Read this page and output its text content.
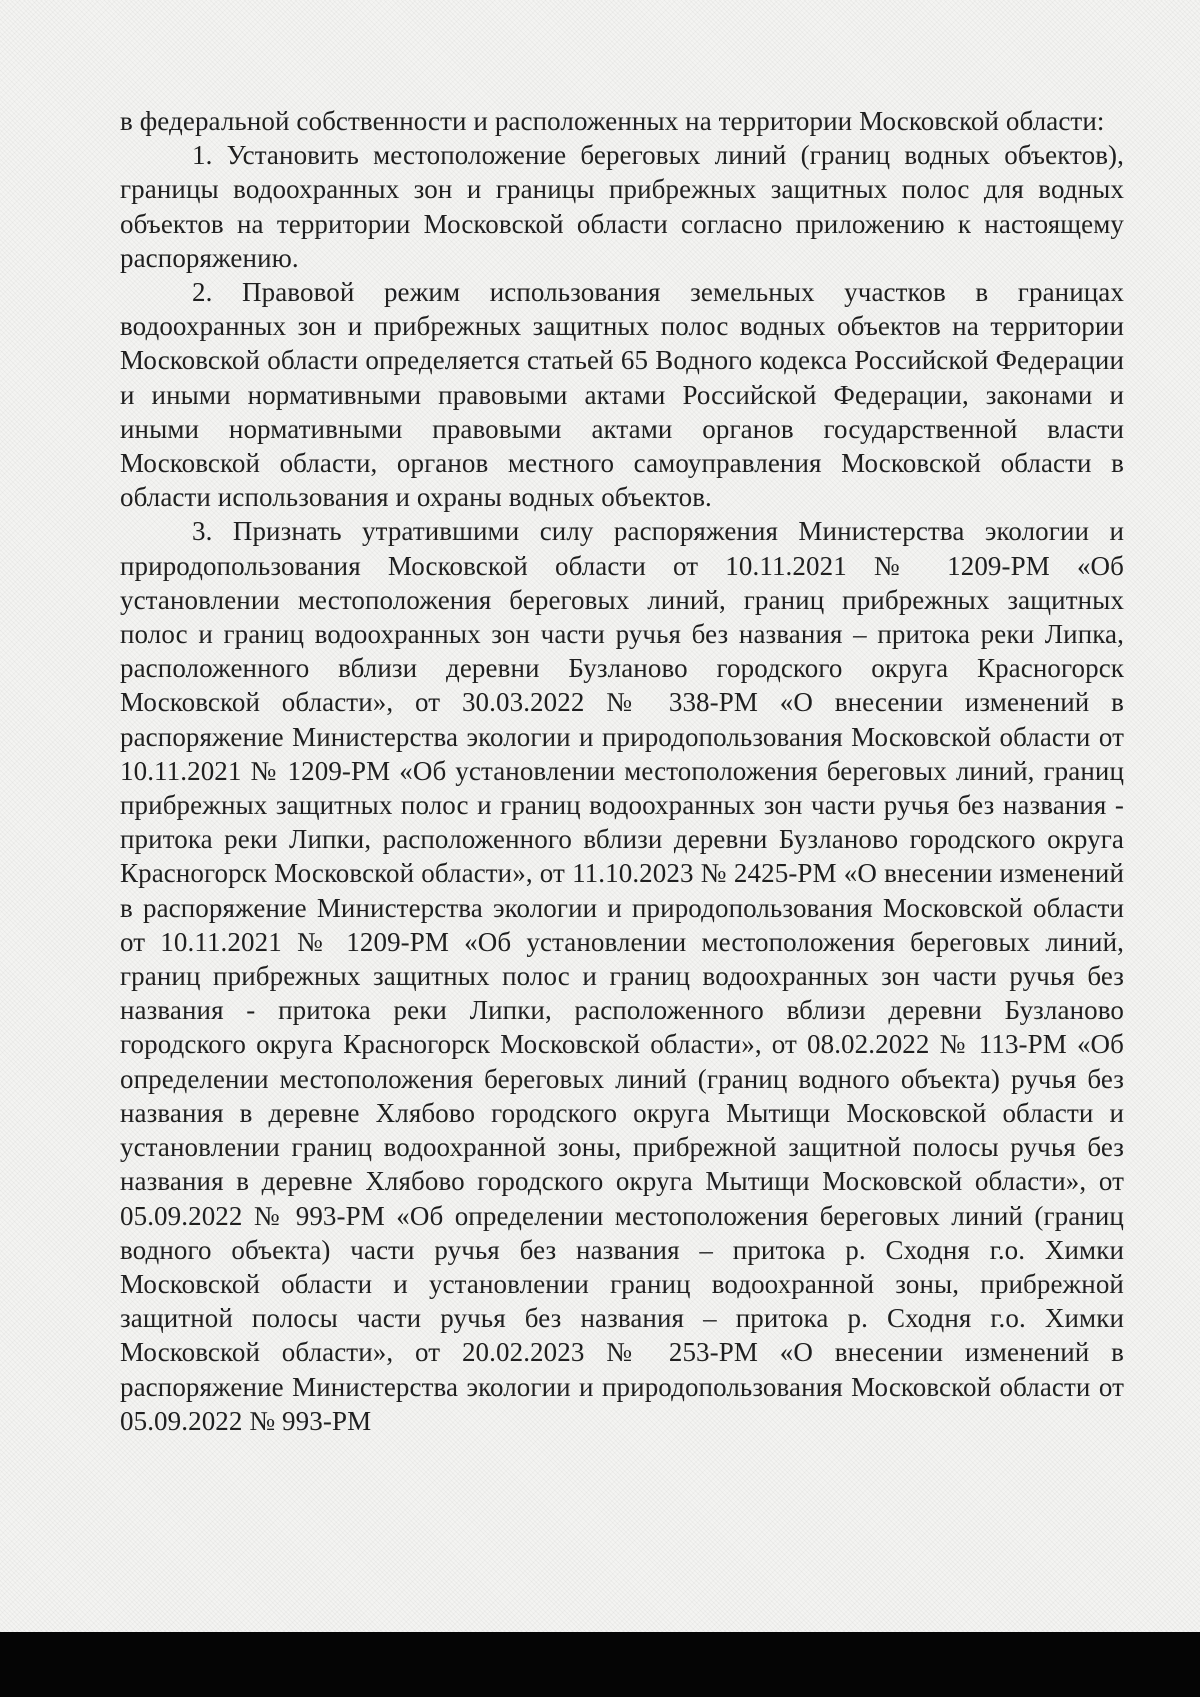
в федеральной собственности и расположенных на территории Московской области:

1. Установить местоположение береговых линий (границ водных объектов), границы водоохранных зон и границы прибрежных защитных полос для водных объектов на территории Московской области согласно приложению к настоящему распоряжению.

2. Правовой режим использования земельных участков в границах водоохранных зон и прибрежных защитных полос водных объектов на территории Московской области определяется статьей 65 Водного кодекса Российской Федерации и иными нормативными правовыми актами Российской Федерации, законами и иными нормативными правовыми актами органов государственной власти Московской области, органов местного самоуправления Московской области в области использования и охраны водных объектов.

3. Признать утратившими силу распоряжения Министерства экологии и природопользования Московской области от 10.11.2021 № 1209-РМ «Об установлении местоположения береговых линий, границ прибрежных защитных полос и границ водоохранных зон части ручья без названия – притока реки Липка, расположенного вблизи деревни Бузланово городского округа Красногорск Московской области», от 30.03.2022 № 338-РМ «О внесении изменений в распоряжение Министерства экологии и природопользования Московской области от 10.11.2021 № 1209-РМ «Об установлении местоположения береговых линий, границ прибрежных защитных полос и границ водоохранных зон части ручья без названия - притока реки Липки, расположенного вблизи деревни Бузланово городского округа Красногорск Московской области», от 11.10.2023 № 2425-РМ «О внесении изменений в распоряжение Министерства экологии и природопользования Московской области от 10.11.2021 № 1209-РМ «Об установлении местоположения береговых линий, границ прибрежных защитных полос и границ водоохранных зон части ручья без названия - притока реки Липки, расположенного вблизи деревни Бузланово городского округа Красногорск Московской области», от 08.02.2022 № 113-РМ «Об определении местоположения береговых линий (границ водного объекта) ручья без названия в деревне Хлябово городского округа Мытищи Московской области и установлении границ водоохранной зоны, прибрежной защитной полосы ручья без названия в деревне Хлябово городского округа Мытищи Московской области», от 05.09.2022 № 993-РМ «Об определении местоположения береговых линий (границ водного объекта) части ручья без названия – притока р. Сходня г.о. Химки Московской области и установлении границ водоохранной зоны, прибрежной защитной полосы части ручья без названия – притока р. Сходня г.о. Химки Московской области», от 20.02.2023 № 253-РМ «О внесении изменений в распоряжение Министерства экологии и природопользования Московской области от 05.09.2022 № 993-РМ
